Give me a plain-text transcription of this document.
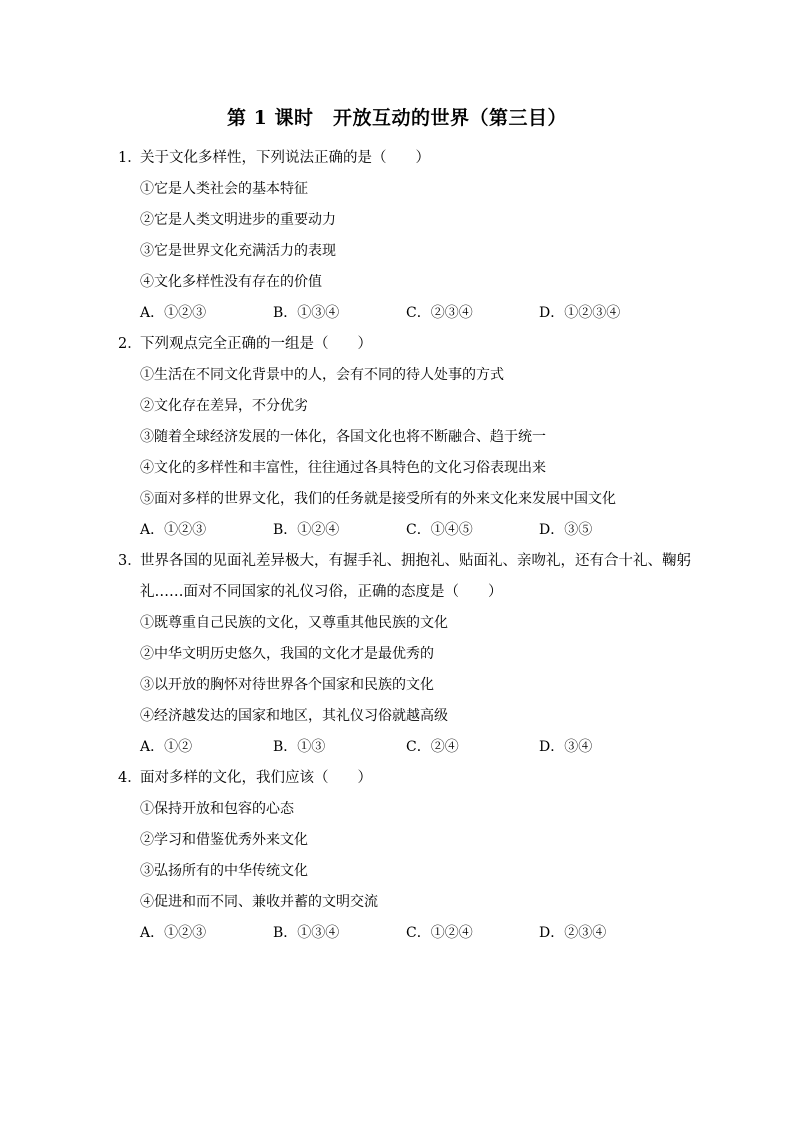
第 1 课时　开放互动的世界（第三目）
1．关于文化多样性，下列说法正确的是（　　）
①它是人类社会的基本特征
②它是人类文明进步的重要动力
③它是世界文化充满活力的表现
④文化多样性没有存在的价值
A．①②③	B．①③④	C．②③④	D．①②③④
2．下列观点完全正确的一组是（　　）
①生活在不同文化背景中的人，会有不同的待人处事的方式
②文化存在差异，不分优劣
③随着全球经济发展的一体化，各国文化也将不断融合、趋于统一
④文化的多样性和丰富性，往往通过各具特色的文化习俗表现出来
⑤面对多样的世界文化，我们的任务就是接受所有的外来文化来发展中国文化
A．①②③	B．①②④	C．①④⑤	D．③⑤
3．世界各国的见面礼差异极大，有握手礼、拥抱礼、贴面礼、亲吻礼，还有合十礼、鞠躬
礼……面对不同国家的礼仪习俗，正确的态度是（　　）
①既尊重自己民族的文化，又尊重其他民族的文化
②中华文明历史悠久，我国的文化才是最优秀的
③以开放的胸怀对待世界各个国家和民族的文化
④经济越发达的国家和地区，其礼仪习俗就越高级
A．①②	B．①③	C．②④	D．③④
4．面对多样的文化，我们应该（　　）
①保持开放和包容的心态
②学习和借鉴优秀外来文化
③弘扬所有的中华传统文化
④促进和而不同、兼收并蓄的文明交流
A．①②③	B．①③④	C．①②④	D．②③④
